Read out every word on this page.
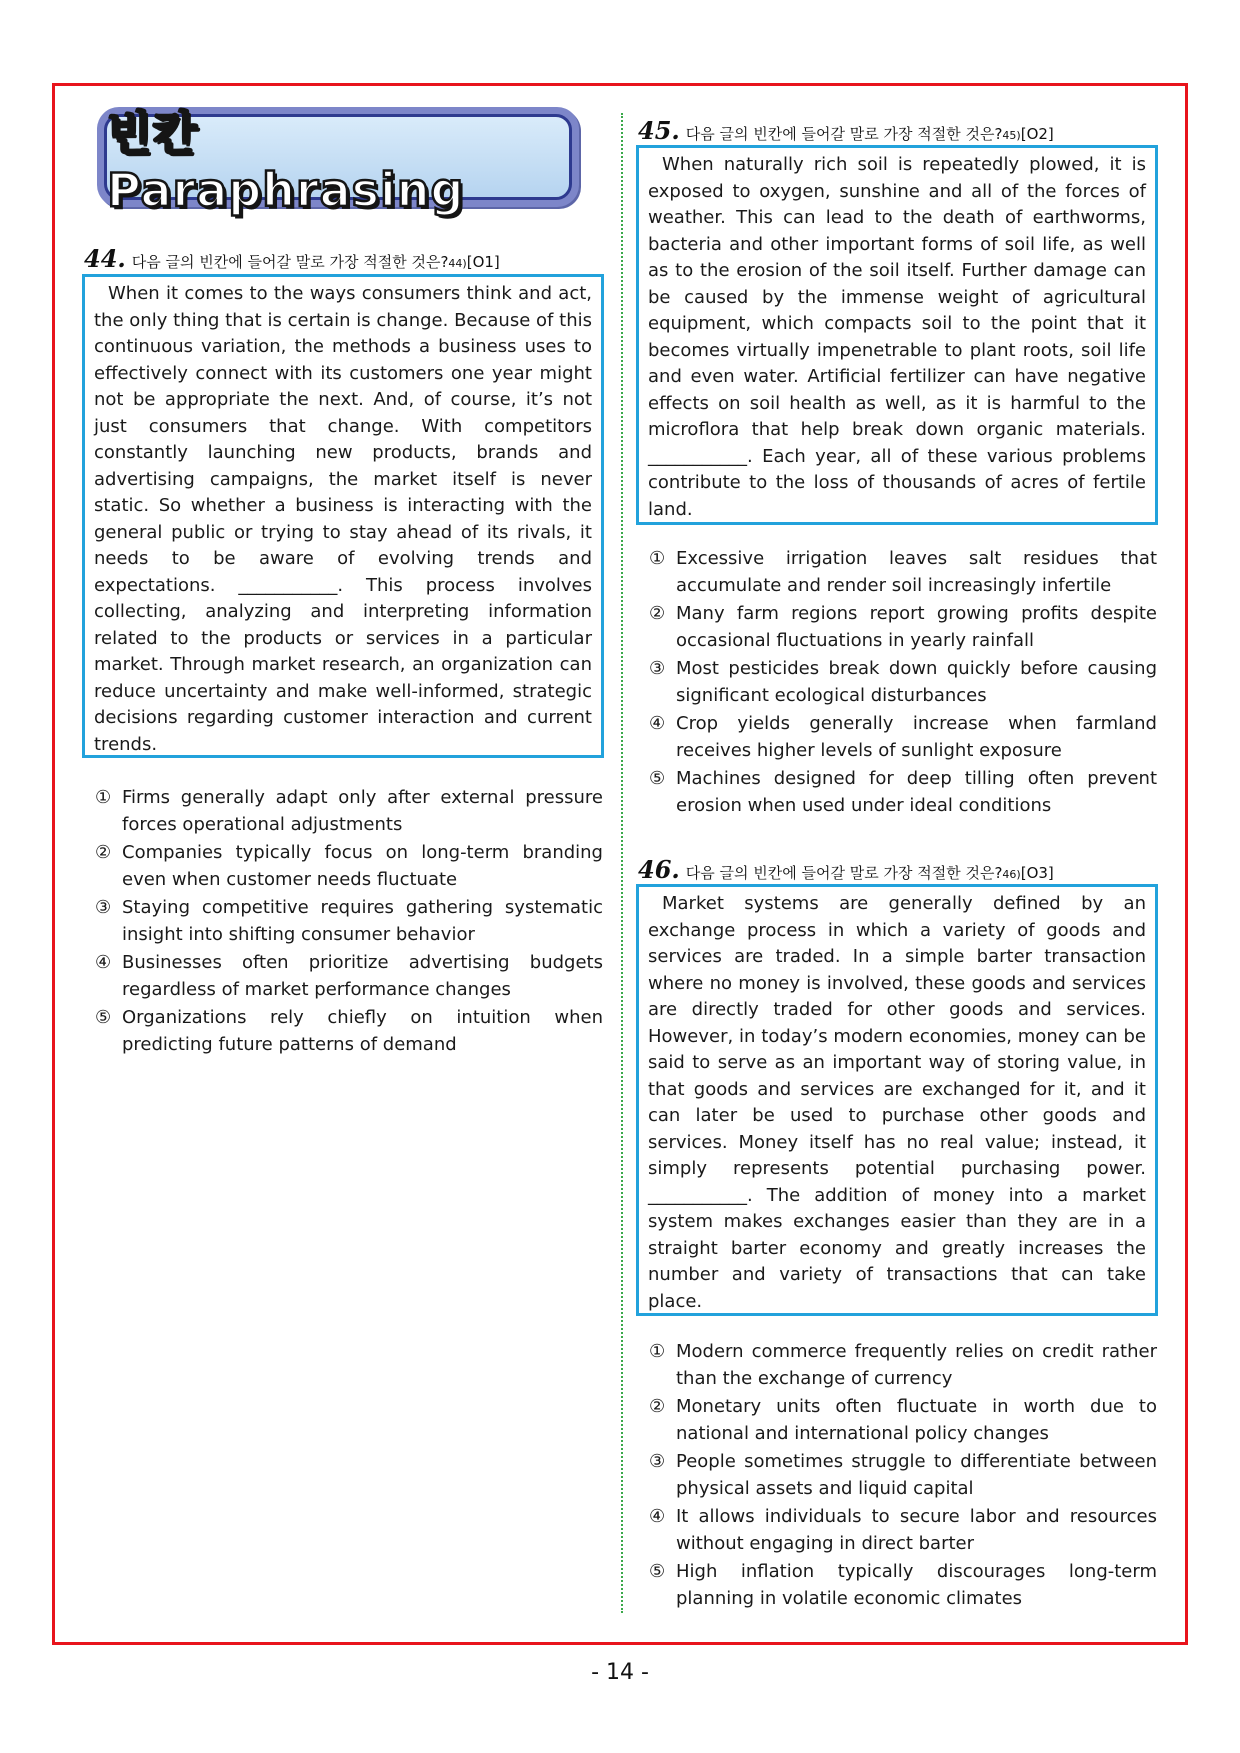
빈칸 Paraphrasing
44. 다음 글의 빈칸에 들어갈 말로 가장 적절한 것은? 44) [O1]

When it comes to the ways consumers think and act, the only thing that is certain is change. Because of this continuous variation, the methods a business uses to effectively connect with its customers one year might not be appropriate the next. And, of course, it’s not just consumers that change. With competitors constantly launching new products, brands and advertising campaigns, the market itself is never static. So whether a business is interacting with the general public or trying to stay ahead of its rivals, it needs to be aware of evolving trends and expectations. ___________. This process involves collecting, analyzing and interpreting information related to the products or services in a particular market. Through market research, an organization can reduce uncertainty and make well-informed, strategic decisions regarding customer interaction and current trends.

① Firms generally adapt only after external pressure forces operational adjustments
② Companies typically focus on long-term branding even when customer needs fluctuate
③ Staying competitive requires gathering systematic insight into shifting consumer behavior
④ Businesses often prioritize advertising budgets regardless of market performance changes
⑤ Organizations rely chiefly on intuition when predicting future patterns of demand
45. 다음 글의 빈칸에 들어갈 말로 가장 적절한 것은? 45) [O2]

When naturally rich soil is repeatedly plowed, it is exposed to oxygen, sunshine and all of the forces of weather. This can lead to the death of earthworms, bacteria and other important forms of soil life, as well as to the erosion of the soil itself. Further damage can be caused by the immense weight of agricultural equipment, which compacts soil to the point that it becomes virtually impenetrable to plant roots, soil life and even water. Artificial fertilizer can have negative effects on soil health as well, as it is harmful to the microflora that help break down organic materials. ___________. Each year, all of these various problems contribute to the loss of thousands of acres of fertile land.

① Excessive irrigation leaves salt residues that accumulate and render soil increasingly infertile
② Many farm regions report growing profits despite occasional fluctuations in yearly rainfall
③ Most pesticides break down quickly before causing significant ecological disturbances
④ Crop yields generally increase when farmland receives higher levels of sunlight exposure
⑤ Machines designed for deep tilling often prevent erosion when used under ideal conditions
46. 다음 글의 빈칸에 들어갈 말로 가장 적절한 것은? 46) [O3]

Market systems are generally defined by an exchange process in which a variety of goods and services are traded. In a simple barter transaction where no money is involved, these goods and services are directly traded for other goods and services. However, in today’s modern economies, money can be said to serve as an important way of storing value, in that goods and services are exchanged for it, and it can later be used to purchase other goods and services. Money itself has no real value; instead, it simply represents potential purchasing power. ___________. The addition of money into a market system makes exchanges easier than they are in a straight barter economy and greatly increases the number and variety of transactions that can take place.

① Modern commerce frequently relies on credit rather than the exchange of currency
② Monetary units often fluctuate in worth due to national and international policy changes
③ People sometimes struggle to differentiate between physical assets and liquid capital
④ It allows individuals to secure labor and resources without engaging in direct barter
⑤ High inflation typically discourages long-term planning in volatile economic climates
- 14 -
